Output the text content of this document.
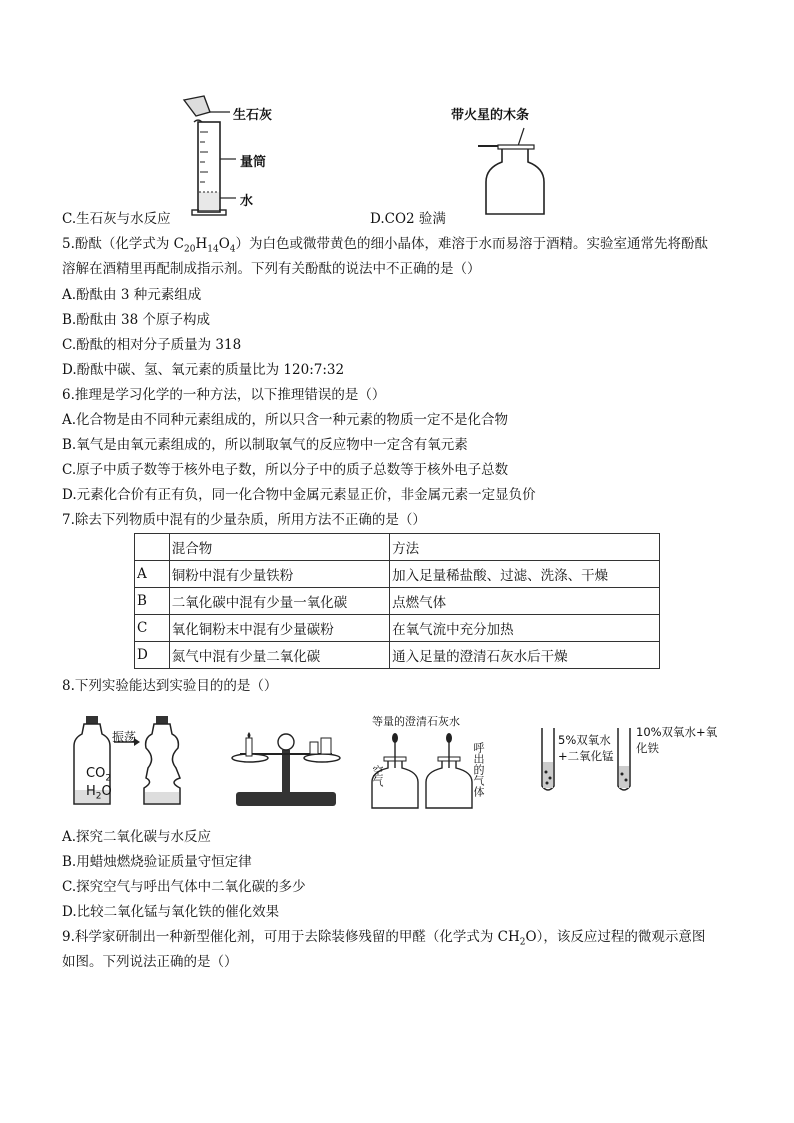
生石灰
量筒
水
带火星的木条
C.生石灰与水反应	D.CO2 验满
5.酚酞（化学式为 $C_{20}H_{14}O_4$）为白色或微带黄色的细小晶体，难溶于水而易溶于酒精。实验室通常先将酚酞
溶解在酒精里再配制成指示剂。下列有关酚酞的说法中不正确的是（）
A.酚酞由 3 种元素组成
B.酚酞由 38 个原子构成
C.酚酞的相对分子质量为 318
D.酚酞中碳、氢、氧元素的质量比为 120:7:32
6.推理是学习化学的一种方法，以下推理错误的是（）
A.化合物是由不同种元素组成的，所以只含一种元素的物质一定不是化合物
B.氧气是由氧元素组成的，所以制取氧气的反应物中一定含有氧元素
C.原子中质子数等于核外电子数，所以分子中的质子总数等于核外电子总数
D.元素化合价有正有负，同一化合物中金属元素显正价，非金属元素一定显负价
7.除去下列物质中混有的少量杂质，所用方法不正确的是（）
	混合物	方法
A	铜粉中混有少量铁粉	加入足量稀盐酸、过滤、洗涤、干燥
B	二氧化碳中混有少量一氧化碳	点燃气体
C	氧化铜粉末中混有少量碳粉	在氧气流中充分加热
D	氮气中混有少量二氧化碳	通入足量的澄清石灰水后干燥
8.下列实验能达到实验目的的是（）
振荡
$CO_2$
$H_2O$
等量的澄清石灰水
空气	呼出的气体
5%双氧水+二氧化锰
10%双氧水+氧化铁
A.探究二氧化碳与水反应
B.用蜡烛燃烧验证质量守恒定律
C.探究空气与呼出气体中二氧化碳的多少
D.比较二氧化锰与氧化铁的催化效果
9.科学家研制出一种新型催化剂，可用于去除装修残留的甲醛（化学式为 $CH_2O$），该反应过程的微观示意图
如图。下列说法正确的是（）
